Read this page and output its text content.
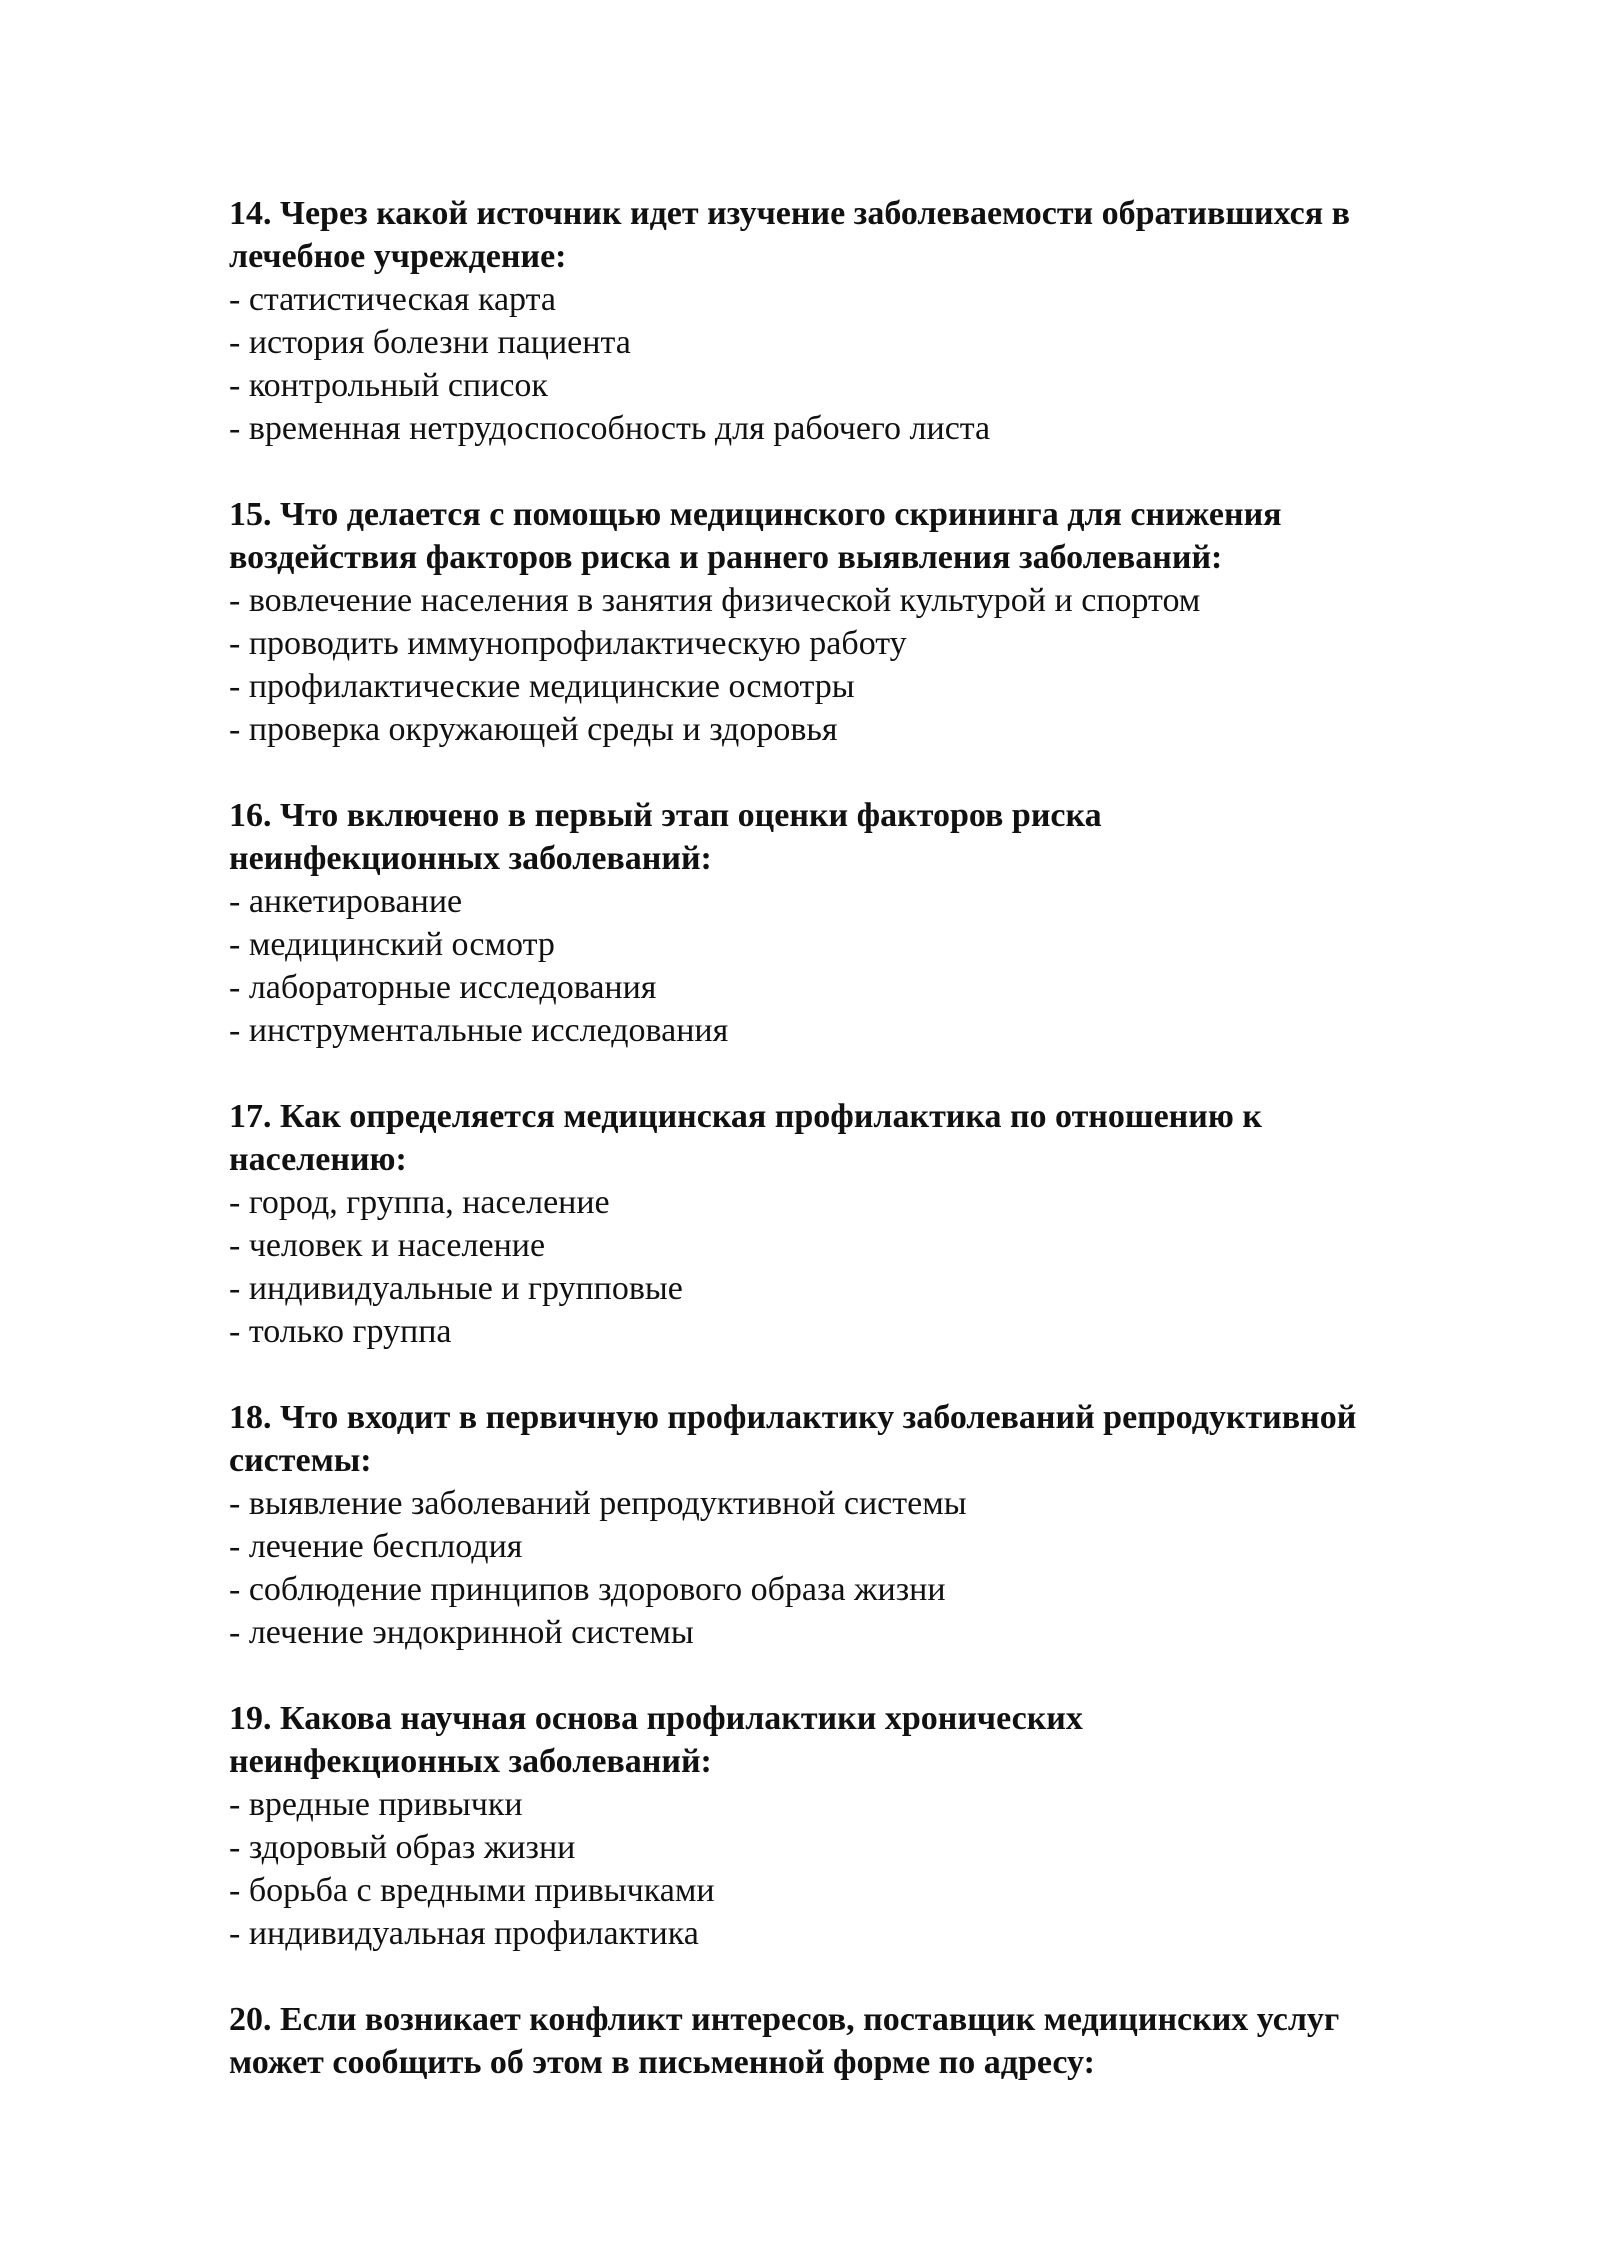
14. Через какой источник идет изучение заболеваемости обратившихся в
лечебное учреждение:

- статистическая карта
- история болезни пациента
- контрольный список
- временная нетрудоспособность для рабочего листа

15. Что делается с помощью медицинского скрининга для снижения
воздействия факторов риска и раннего выявления заболеваний:

- вовлечение населения в занятия физической культурой и спортом
- проводить иммунопрофилактическую работу
- профилактические медицинские осмотры
- проверка окружающей среды и здоровья

16. Что включено в первый этап оценки факторов риска
неинфекционных заболеваний:

- анкетирование
- медицинский осмотр
- лабораторные исследования
- инструментальные исследования

17. Как определяется медицинская профилактика по отношению к
населению:

- город, группа, население
- человек и население
- индивидуальные и групповые
- только группа

18. Что входит в первичную профилактику заболеваний репродуктивной
системы:

- выявление заболеваний репродуктивной системы
- лечение бесплодия
- соблюдение принципов здорового образа жизни
- лечение эндокринной системы

19. Какова научная основа профилактики хронических
неинфекционных заболеваний:

- вредные привычки
- здоровый образ жизни
- борьба с вредными привычками
- индивидуальная профилактика

20. Если возникает конфликт интересов, поставщик медицинских услуг
может сообщить об этом в письменной форме по адресу:
